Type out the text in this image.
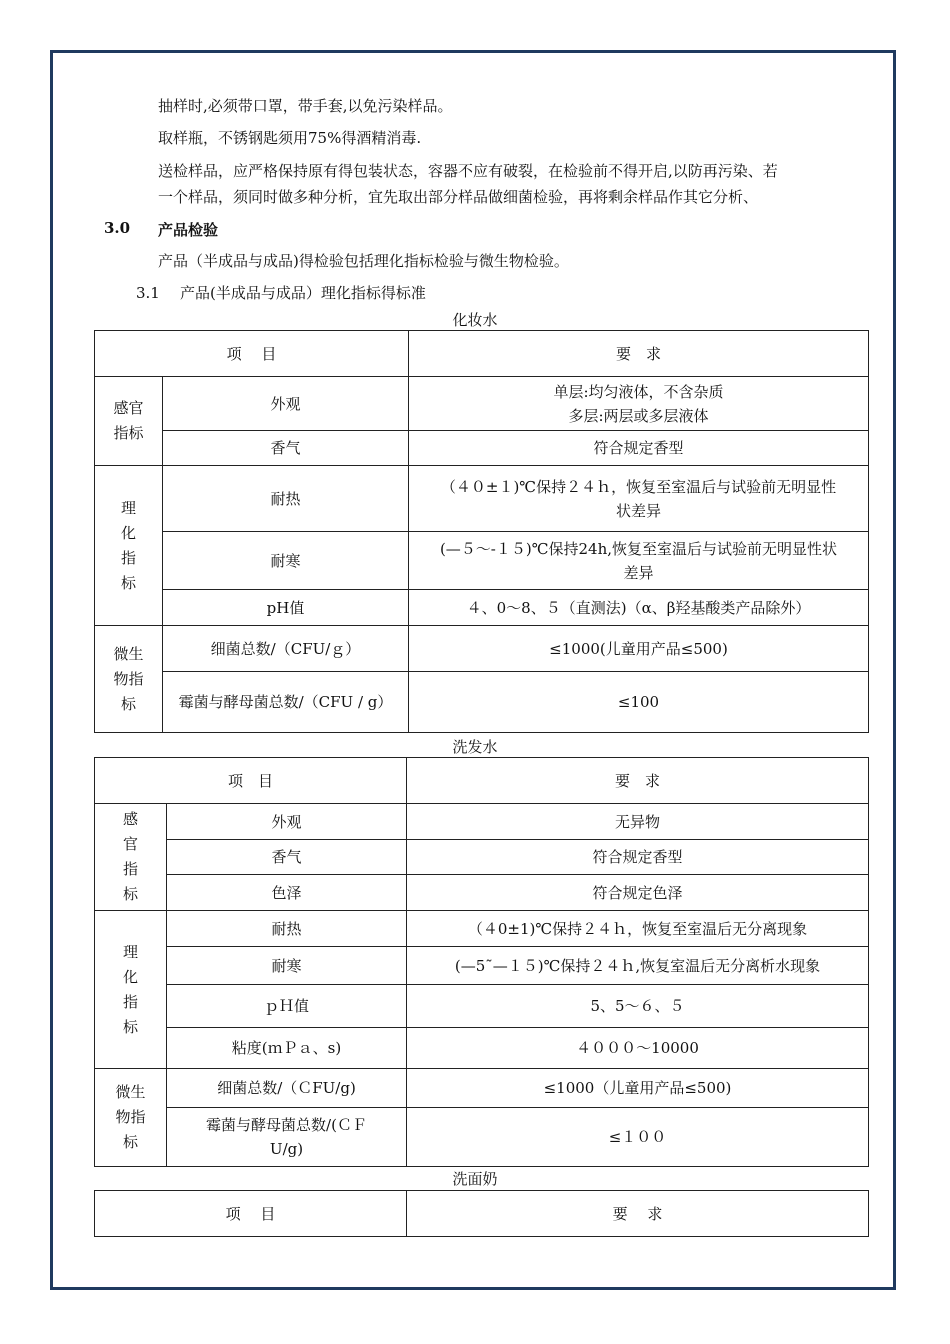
抽样时,必须带口罩，带手套,以免污染样品。
取样瓶，不锈钢匙须用75%得酒精消毒.
送检样品，应严格保持原有得包装状态，容器不应有破裂，在检验前不得开启,以防再污染、若
一个样品，须同时做多种分析，宜先取出部分样品做细菌检验，再将剩余样品作其它分析、
3.0 产品检验
产品（半成品与成品)得检验包括理化指标检验与微生物检验。
3.1 产品(半成品与成品）理化指标得标准
化妆水
项　 目		要　求

感官指标	外观	单层:均匀液体，不含杂质
多层:两层或多层液体

	香气	符合规定香型

理化指标	耐热	（４０±１)℃保持２４ｈ，恢复至室温后与试验前无明显性
状差异

	耐寒	(—５～-１５)℃保持24h,恢复至室温后与试验前无明显性状
差异

	pH值	４、0～8、５（直测法)（α、β羟基酸类产品除外）

微生物指标	细菌总数/（CFU/ｇ）	≤1000(儿童用产品≤500)
	霉菌与酵母菌总数/（CFU / g）	≤100
洗发水
项　目		要　求

感官指标	外观	无异物
	香气	符合规定香型
	色泽	符合规定色泽

理化指标	耐热	（４0±1)℃保持２４ｈ，恢复至室温后无分离现象
	耐寒	(—5˜—１５)℃保持２４ｈ,恢复室温后无分离析水现象
	ｐＨ值	5、5～６、５
	粘度(ｍＰａ、s)	４０００～10000

微生物指标	细菌总数/（ＣFU/g)	≤1000（儿童用产品≤500)

	霉菌与酵母菌总数/(ＣＦ
U/g)	≤１００
洗面奶
项　 目	要　 求
